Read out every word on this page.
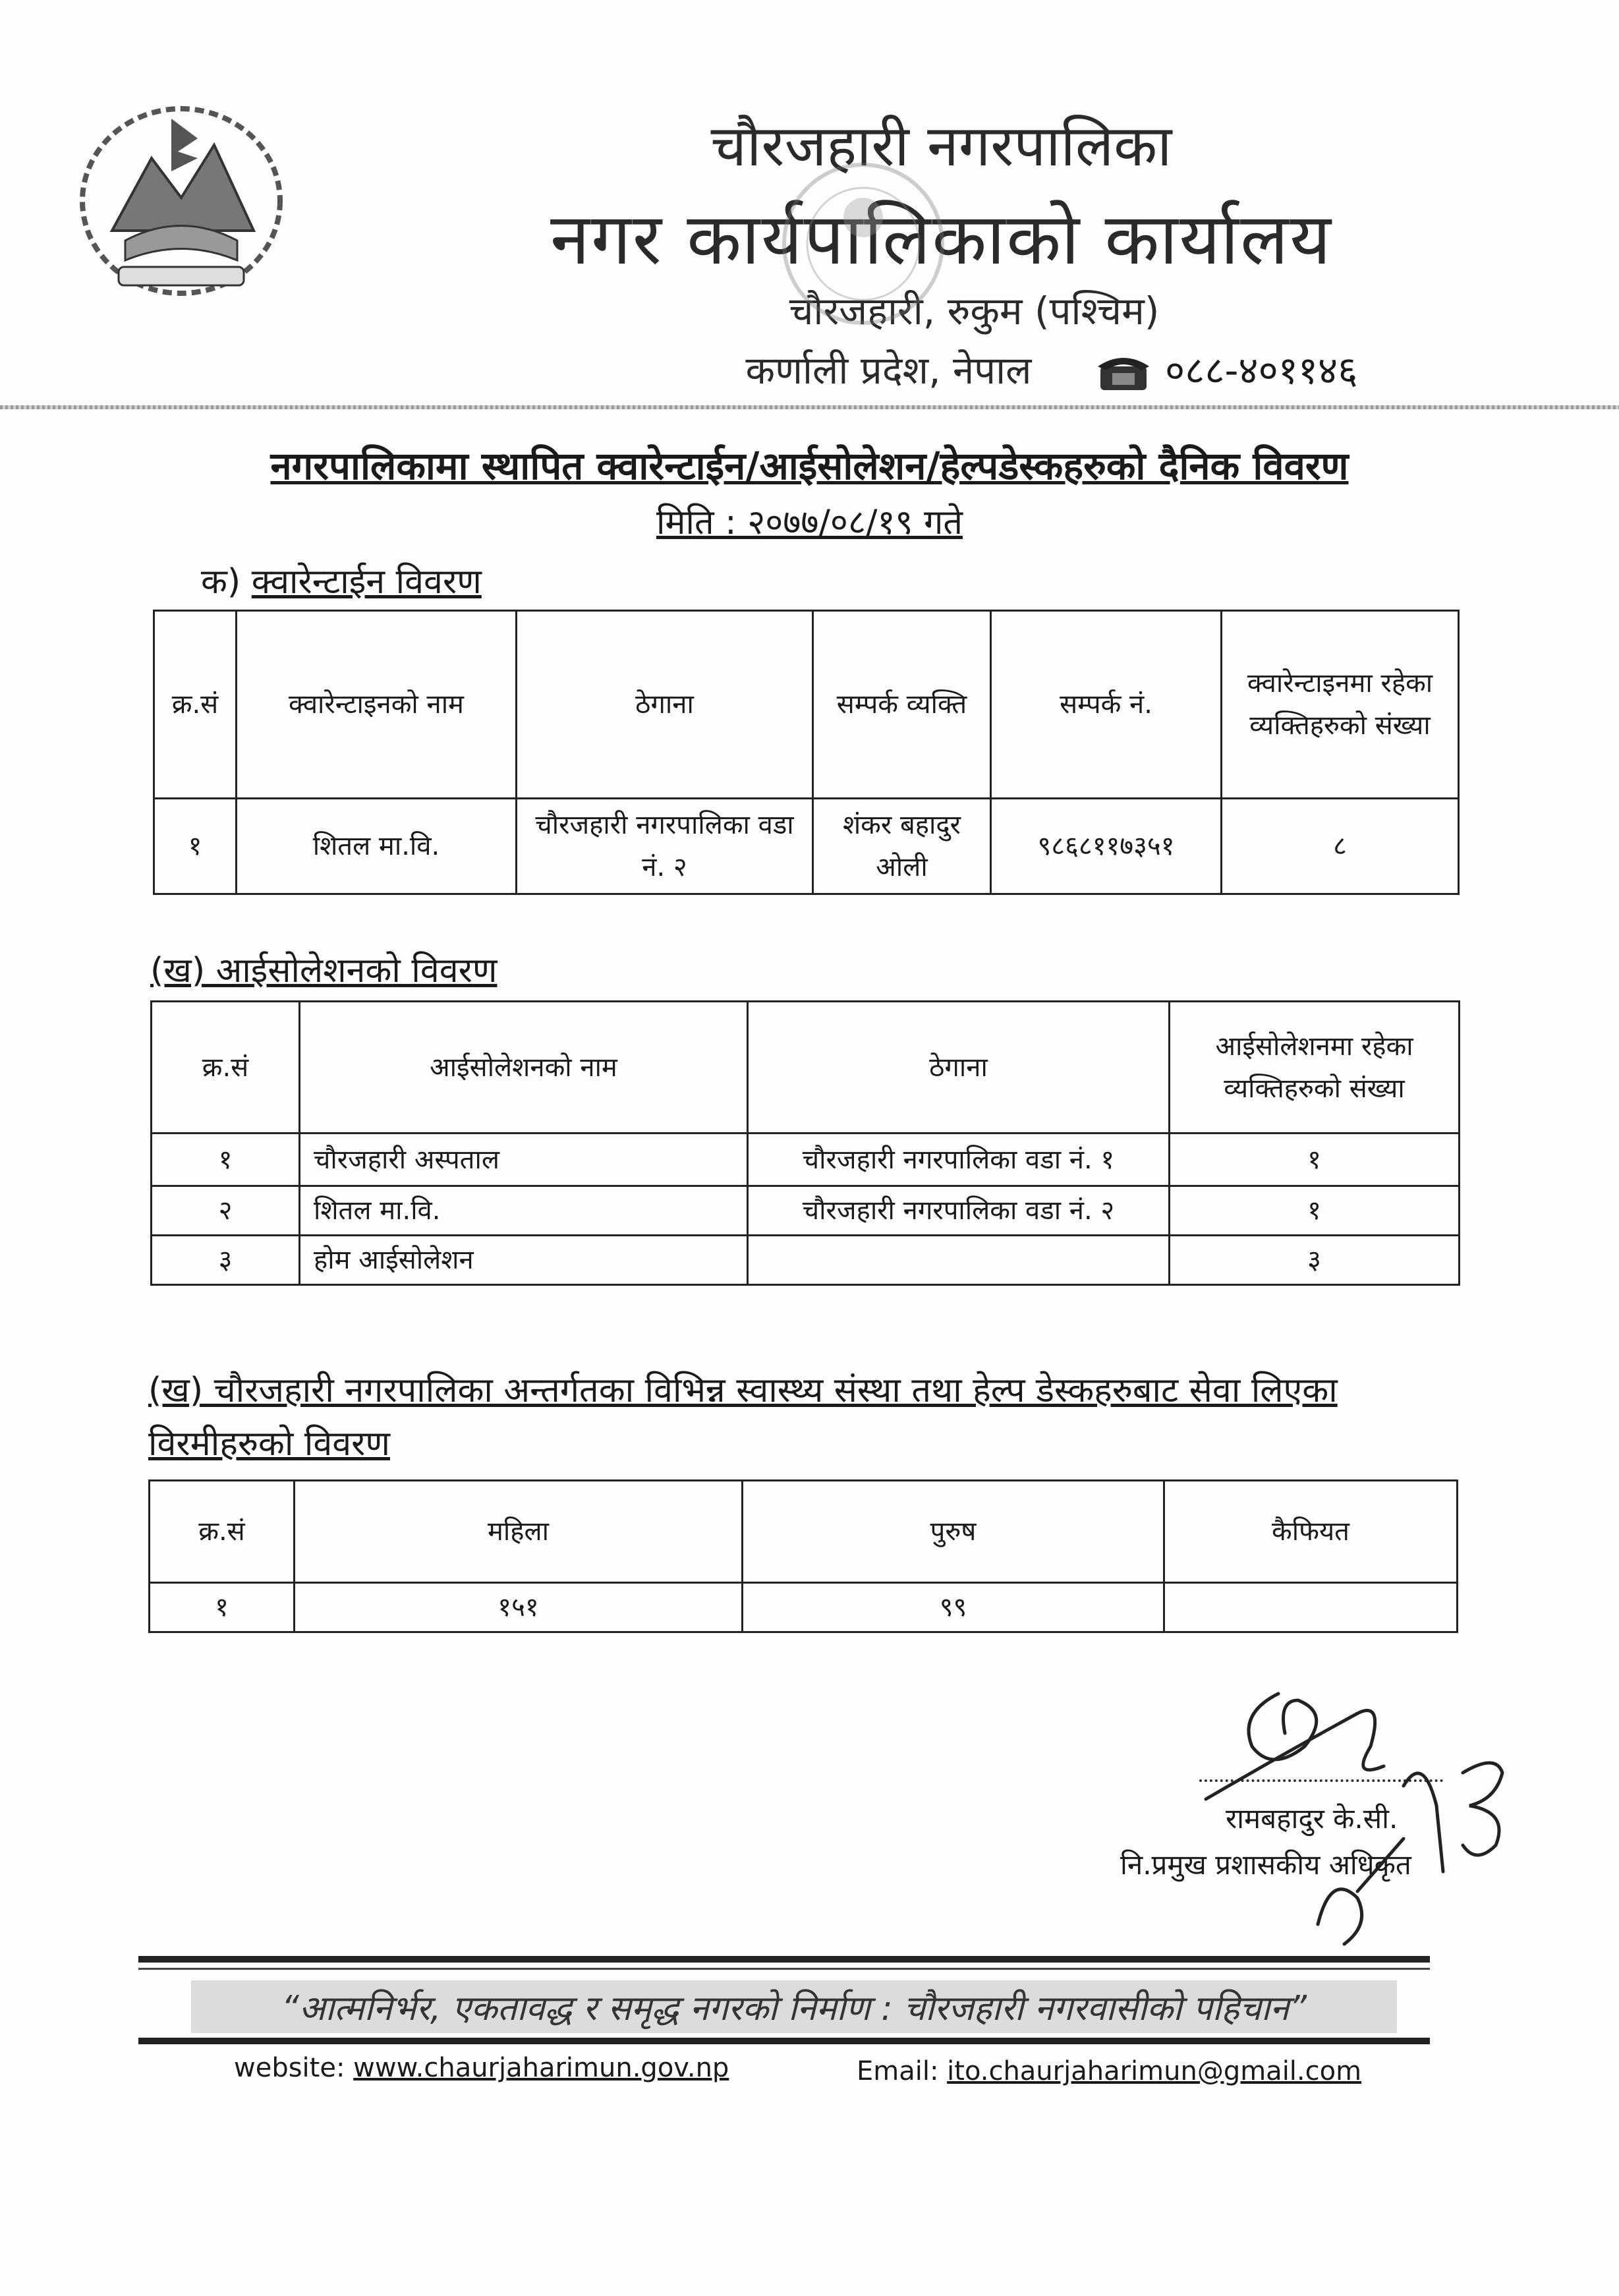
चौरजहारी नगरपालिका
नगर कार्यपालिकाको कार्यालय
चौरजहारी, रुकुम (पश्चिम)
कर्णाली प्रदेश, नेपाल	०८८-४०११४६
नगरपालिकामा स्थापित क्वारेन्टाईन/आईसोलेशन/हेल्पडेस्कहरुको दैनिक विवरण
मिति : २०७७/०८/१९ गते
क) क्वारेन्टाईन विवरण
क्र.सं	क्वारेन्टाइनको नाम	ठेगाना	सम्पर्क व्यक्ति	सम्पर्क नं.	क्वारेन्टाइनमा रहेका व्यक्तिहरुको संख्या
१	शितल मा.वि.	चौरजहारी नगरपालिका वडा नं. २	शंकर बहादुर ओली	९८६८११७३५१	८
(ख) आईसोलेशनको विवरण
क्र.सं	आईसोलेशनको नाम	ठेगाना	आईसोलेशनमा रहेका व्यक्तिहरुको संख्या
१	चौरजहारी अस्पताल	चौरजहारी नगरपालिका वडा नं. १	१
२	शितल मा.वि.	चौरजहारी नगरपालिका वडा नं. २	१
३	होम आईसोलेशन		३
(ख) चौरजहारी नगरपालिका अन्तर्गतका विभिन्न स्वास्थ्य संस्था तथा हेल्प डेस्कहरुबाट सेवा लिएका विरमीहरुको विवरण
क्र.सं	महिला	पुरुष	कैफियत
१	१५१	९९	
रामबहादुर के.सी.
नि.प्रमुख प्रशासकीय अधिकृत
“आत्मनिर्भर, एकतावद्ध र समृद्ध नगरको निर्माण : चौरजहारी नगरवासीको पहिचान”
website: www.chaurjaharimun.gov.np	Email: ito.chaurjaharimun@gmail.com
